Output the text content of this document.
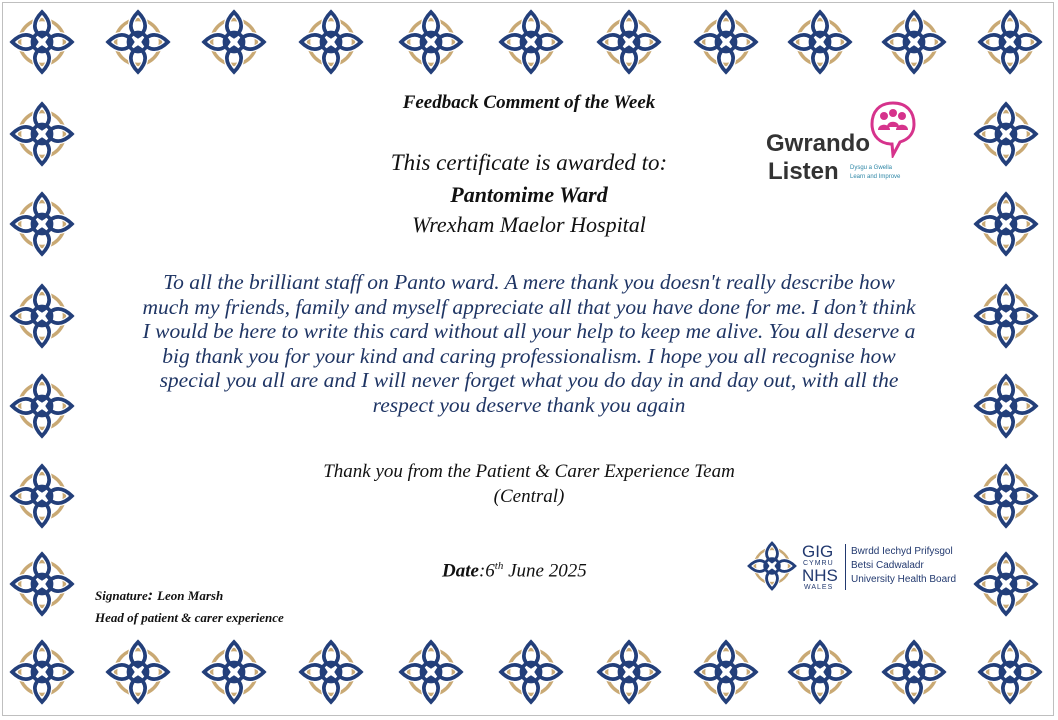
Feedback Comment of the Week
This certificate is awarded to:
Pantomime Ward
Wrexham Maelor Hospital
To all the brilliant staff on Panto ward. A mere thank you doesn't really describe how
much my friends, family and myself appreciate all that you have done for me. I don’t think
I would be here to write this card without all your help to keep me alive. You all deserve a
big thank you for your kind and caring professionalism. I hope you all recognise how
special you all are and I will never forget what you do day in and day out, with all the
respect you deserve thank you again
Thank you from the Patient & Carer Experience Team
(Central)
Date:6th June 2025
Signature: Leon Marsh
Head of patient & carer experience
Gwrando
Listen Dysgu a Gwella
Learn and Improve
GIG
CYMRU
NHS
WALES
Bwrdd Iechyd Prifysgol
Betsi Cadwaladr
University Health Board
